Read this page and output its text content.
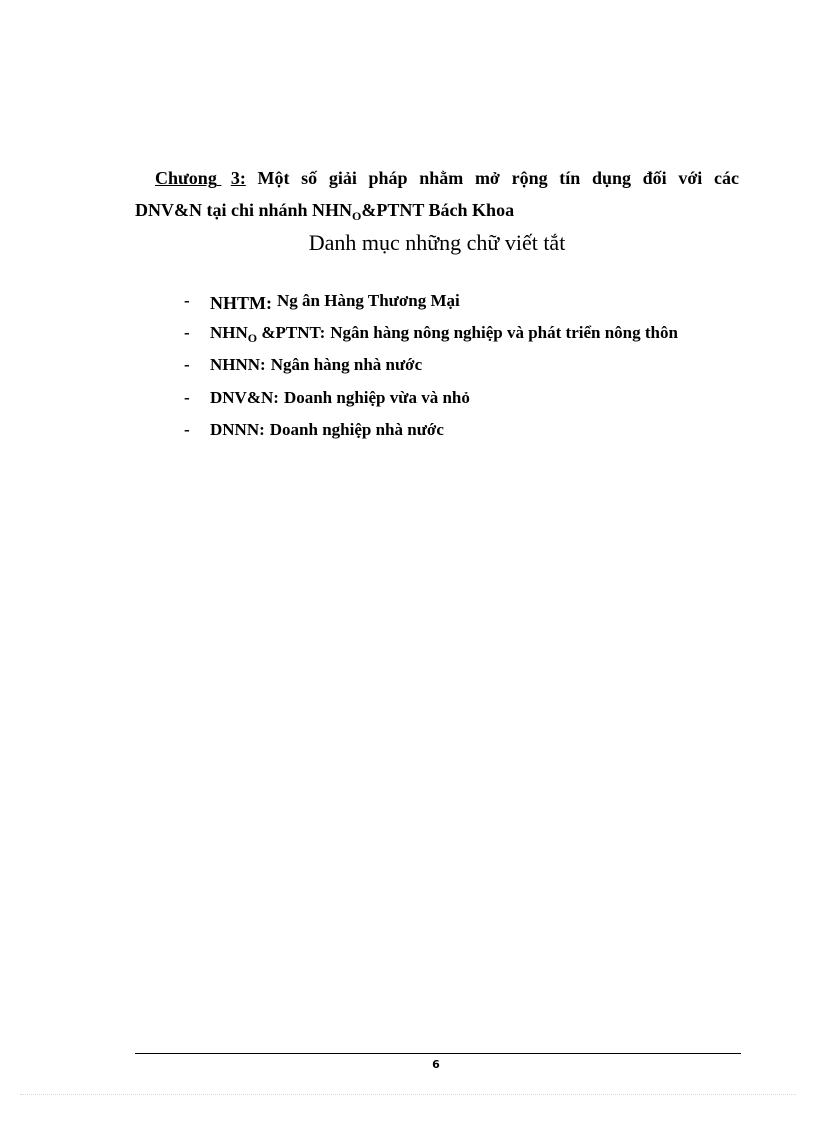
Chưong 3: Một số giải pháp nhằm mở rộng tín dụng đối với các
DNV&N tại chi nhánh $NHN_O\&PTNT$ Bách Khoa
Danh mục những chữ viết tắt
-	NHTM: Ng ân Hàng Thương Mại
-	$NHN_O$ &PTNT: Ngân hàng nông nghiệp và phát triển nông thôn
-	NHNN: Ngân hàng nhà nước
-	DNV&N: Doanh nghiệp vừa và nhỏ
-	DNNN: Doanh nghiệp nhà nước
6
